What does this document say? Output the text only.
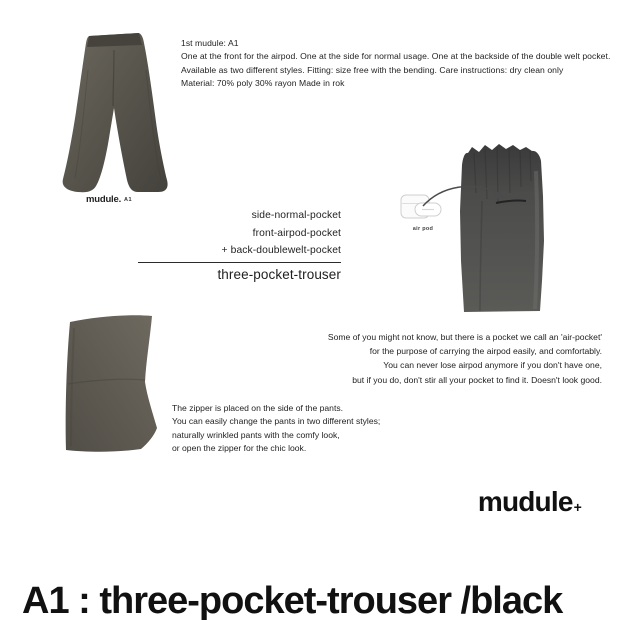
mudule. A1
1st mudule: A1
One at the front for the airpod. One at the side for normal usage. One at the backside of the double welt pocket.
Available as two different styles. Fitting: size free with the bending. Care instructions: dry clean only
Material: 70% poly 30% rayon Made in rok
side-normal-pocket
front-airpod-pocket
+ back-doublewelt-pocket
three-pocket-trouser
air pod
Some of you might not know, but there is a pocket we call an 'air-pocket'
for the purpose of carrying the airpod easily, and comfortably.
You can never lose airpod anymore if you don't have one,
but if you do, don't stir all your pocket to find it. Doesn't look good.
The zipper is placed on the side of the pants.
You can easily change the pants in two different styles;
naturally wrinkled pants with the comfy look,
or open the zipper for the chic look.
mudule+
A1 : three-pocket-trouser /black
